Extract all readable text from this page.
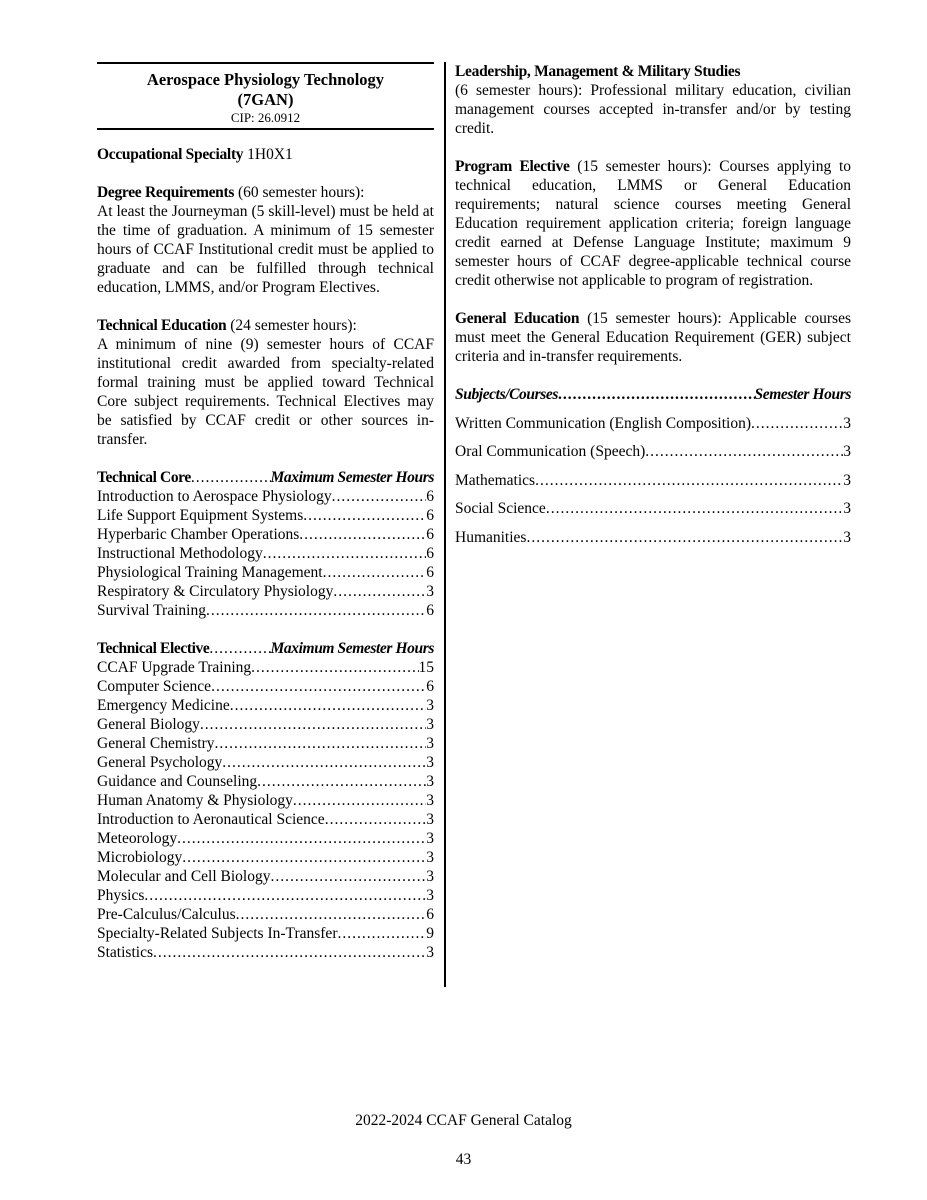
Aerospace Physiology Technology
(7GAN)
CIP: 26.0912

Occupational Specialty 1H0X1

Degree Requirements (60 semester hours):

At least the Journeyman (5 skill-level) must be held at the time of graduation. A minimum of 15 semester hours of CCAF Institutional credit must be applied to graduate and can be fulfilled through technical education, LMMS, and/or Program Electives.

Technical Education (24 semester hours):

A minimum of nine (9) semester hours of CCAF institutional credit awarded from specialty-related formal training must be applied toward Technical Core subject requirements. Technical Electives may be satisfied by CCAF credit or other sources in-transfer.

Technical Core .....	Maximum Semester Hours
Introduction to Aerospace Physiology .....	6
Life Support Equipment Systems .....	6
Hyperbaric Chamber Operations .....	6
Instructional Methodology .....	6
Physiological Training Management .....	6
Respiratory & Circulatory Physiology .....	3
Survival Training .....	6
Technical Elective .....	Maximum Semester Hours
CCAF Upgrade Training .....	15
Computer Science .....	6
Emergency Medicine .....	3
General Biology .....	3
General Chemistry .....	3
General Psychology .....	3
Guidance and Counseling .....	3
Human Anatomy & Physiology .....	3
Introduction to Aeronautical Science .....	3
Meteorology .....	3
Microbiology .....	3
Molecular and Cell Biology .....	3
Physics .....	3
Pre-Calculus/Calculus .....	6
Specialty-Related Subjects In-Transfer .....	9
Statistics .....	3

Leadership, Management & Military Studies

(6 semester hours): Professional military education, civilian management courses accepted in-transfer and/or by testing credit.

Program Elective (15 semester hours): Courses applying to technical education, LMMS or General Education requirements; natural science courses meeting General Education requirement application criteria; foreign language credit earned at Defense Language Institute; maximum 9 semester hours of CCAF degree-applicable technical course credit otherwise not applicable to program of registration.

General Education (15 semester hours): Applicable courses must meet the General Education Requirement (GER) subject criteria and in-transfer requirements.

Subjects/Courses .....	Semester Hours
Written Communication (English Composition) .....	3
Oral Communication (Speech) .....	3
Mathematics .....	3
Social Science .....	3
Humanities .....	3
2022-2024 CCAF General Catalog
43
